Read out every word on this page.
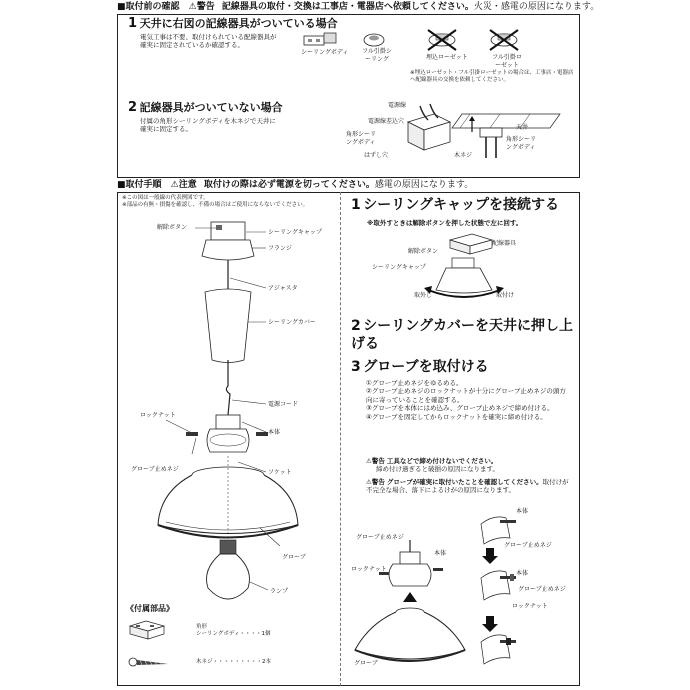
■取付前の確認 ⚠警告 記線器具の取付・交換は工事店・電器店へ依頼してください。火災・感電の原因になります。
1 天井に右図の記線器具がついている場合
電気工事は不要、取付けられている配線器具が確実に固定されているか確認する。
シーリングボディ フル引掛シーリング	埋込ローゼット	フル引掛ローゼット
※埋込ローゼット・フル引掛ローゼットの場合は、工事店・電器店へ配線器具の交換を依頼してください。
2 記線器具がついていない場合
付属の角形シーリングボディを木ネジで天井に確実に固定する。
電源線
電源線差込穴
角形シーリングボディ
はずし穴
天井
角形シーリングボディ
木ネジ
■取付手順 ⚠注意 取付けの際は必ず電源を切ってください。感電の原因になります。
※この図は一般線の代表例図です。
※部品の有無・損傷を確認し、不備の場合はご使用にならないでください。
解除ボタン
シーリングキャップ
フランジ
アジャスタ
シーリングカバー
電源コード
ロックナット
本体
グローブ止めネジ	ソケット
グローブ
ランプ
《付属部品》
角形
シーリングボディ・・・・1個
木ネジ・・・・・・・・・2本
1 シーリングキャップを接続する
※取外すときは解除ボタンを押した状態で左に回す。
配線器具
解除ボタン
シーリングキャップ
取外し	取付け
2 シーリングカバーを天井に押し上げる
3 グローブを取付ける
①グローブ止めネジをゆるめる。
②グローブ止めネジのロックナットが十分にグローブ止めネジの頭方向に寄っていることを確認する。
③グローブを本体にはめ込み、グローブ止めネジで締め付ける。
④グローブを固定してからロックナットを確実に締め付ける。
⚠警告 工具などで締め付けないでください。
締め付け過ぎると破損の原因になります。
⚠警告 グローブが確実に取付いたことを確認してください。取付けが不完全な場合、落下によるけがの原因になります。
グローブ止めネジ
本体
ロックナット
グローブ
本体
グローブ止めネジ
本体
グローブ止めネジ
ロックナット
